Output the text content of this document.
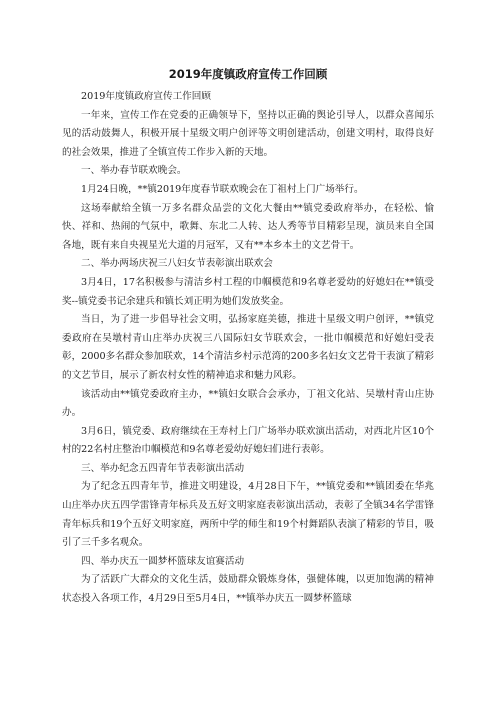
2019年度镇政府宣传工作回顾

2019年度镇政府宣传工作回顾

一年来，宣传工作在党委的正确领导下，坚持以正确的舆论引导人，以群众喜闻乐见的活动鼓舞人，积极开展十星级文明户创评等文明创建活动，创建文明村，取得良好的社会效果，推进了全镇宣传工作步入新的天地。

一、举办春节联欢晚会。

1月24日晚，**镇2019年度春节联欢晚会在丁祖村上门广场举行。

这场奉献给全镇一万多名群众品尝的文化大餐由**镇党委政府举办，在轻松、愉快、祥和、热闹的气氛中，歌舞、东北二人转、达人秀等节目精彩呈现，演员来自全国各地，既有来自央视星光大道的月冠军，又有**本乡本土的文艺骨干。

二、举办两场庆祝三八妇女节表彰演出联欢会

3月4日，17名积极参与清洁乡村工程的巾帼模范和9名尊老爱幼的好媳妇在**镇受奖--镇党委书记余建兵和镇长刘正明为她们发放奖金。

当日，为了进一步倡导社会文明，弘扬家庭美德，推进十星级文明户创评，**镇党委政府在吴墩村青山庄举办庆祝三八国际妇女节联欢会，一批巾帼模范和好媳妇受表彰，2000多名群众参加联欢，14个清洁乡村示范湾的200多名妇女文艺骨干表演了精彩的文艺节目，展示了新农村女性的精神追求和魅力风彩。

该活动由**镇党委政府主办，**镇妇女联合会承办，丁祖文化站、吴墩村青山庄协办。

3月6日，镇党委、政府继续在王寿村上门广场举办联欢演出活动，对西北片区10个村的22名村庄整治巾帼模范和9名尊老爱幼好媳妇们进行表彰。

三、举办纪念五四青年节表彰演出活动

为了纪念五四青年节，推进文明建设，4月28日下午，**镇党委和**镇团委在华兆山庄举办庆五四学雷锋青年标兵及五好文明家庭表彰演出活动，表彰了全镇34名学雷锋青年标兵和19个五好文明家庭，两所中学的师生和19个村舞蹈队表演了精彩的节目，吸引了三千多名观众。

四、举办庆五一圆梦杯篮球友谊赛活动

为了活跃广大群众的文化生活，鼓励群众锻炼身体，强健体魄，以更加饱满的精神状态投入各项工作，4月29日至5月4日，**镇举办庆五一圆梦杯篮球
